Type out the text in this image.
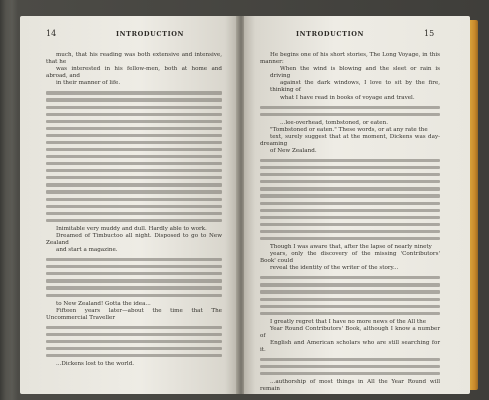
14	INTRODUCTION

much, that his reading was both extensive and intensive, that he

was interested in his fellow-men, both at home and abroad, and

in their manner of life.

Inimitable very muddy and dull. Hardly able to work.

Dreamed of Timbuctoo all night. Disposed to go to New Zealand

and start a magazine.

to New Zealand! Gotta the idea...

Fifteen years later—about the time that The Uncommercial Traveller

...Dickens lost to the world.

INTRODUCTION	15

He begins one of his short stories, The Long Voyage, in this manner:

When the wind is blowing and the sleet or rain is driving

against the dark windows, I love to sit by the fire, thinking of

what I have read in books of voyage and travel.

...lee-overhead, tombstoned, or eaten.

"Tombstoned or eaten." These words, or at any rate the

text, surely suggest that at the moment, Dickens was day-dreaming

of New Zealand.

Though I was aware that, after the lapse of nearly ninety

years, only the discovery of the missing 'Contributors' Book' could

reveal the identity of the writer of the story...

I greatly regret that I have no more news of the All the

Year Round Contributors' Book, although I know a number of

English and American scholars who are still searching for it.

...authorship of most things in All the Year Round will remain
